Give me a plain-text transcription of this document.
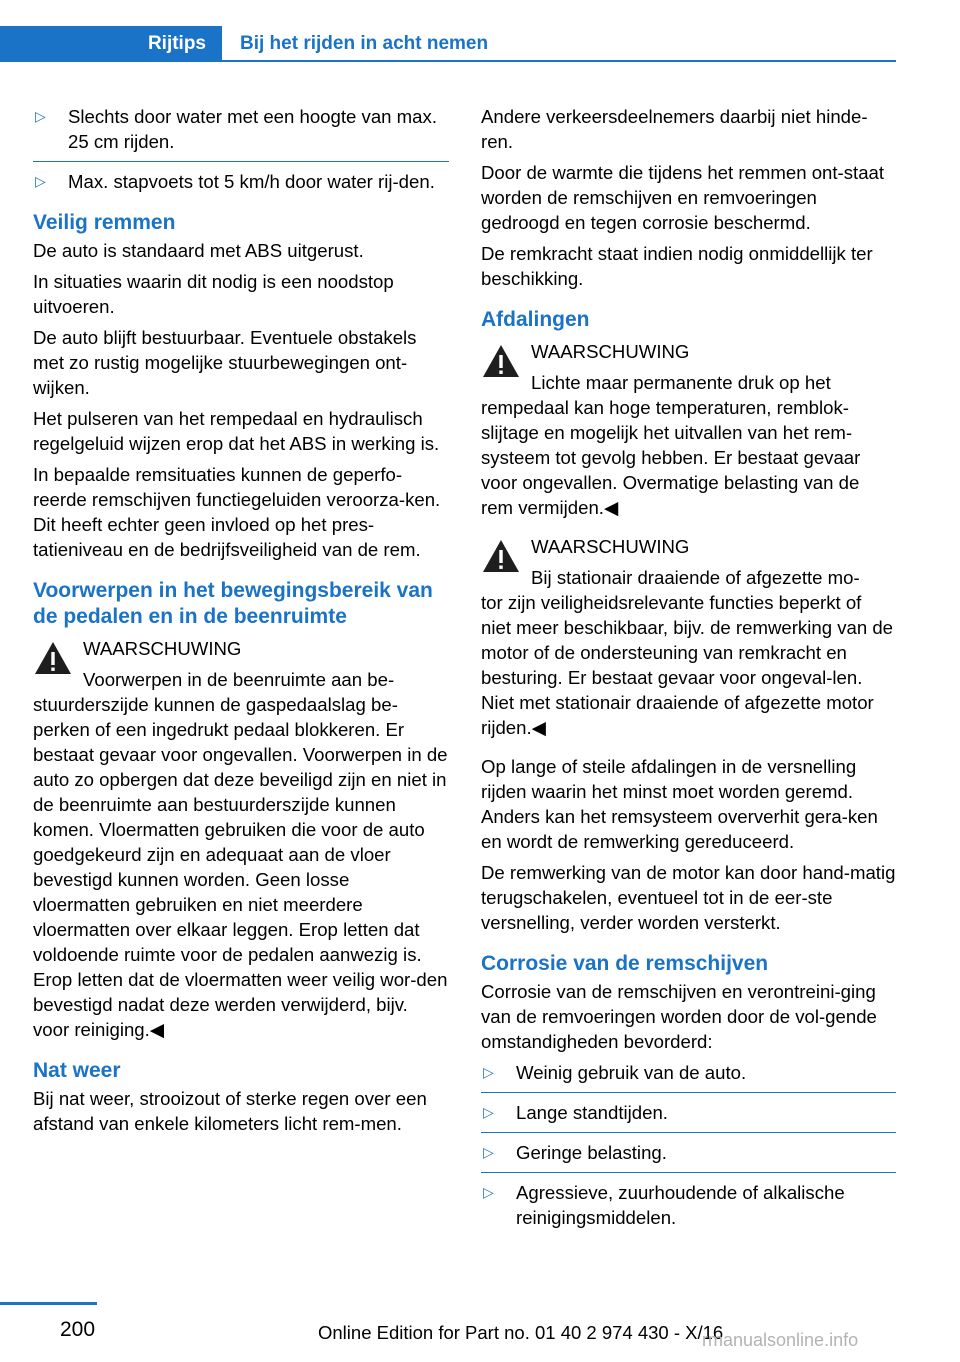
Rijtips	Bij het rijden in acht nemen
▷	Slechts door water met een hoogte van max. 25 cm rijden.
▷	Max. stapvoets tot 5 km/h door water rij‐den.
Veilig remmen

De auto is standaard met ABS uitgerust.

In situaties waarin dit nodig is een noodstop uitvoeren.

De auto blijft bestuurbaar. Eventuele obstakels met zo rustig mogelijke stuurbewegingen ont‐wijken.

Het pulseren van het rempedaal en hydraulisch regelgeluid wijzen erop dat het ABS in werking is.

In bepaalde remsituaties kunnen de geperfo‐reerde remschijven functiegeluiden veroorza‐ken. Dit heeft echter geen invloed op het pres‐tatieniveau en de bedrijfsveiligheid van de rem.

Voorwerpen in het bewegingsbereik van de pedalen en in de beenruimte
WAARSCHUWING
Voorwerpen in de beenruimte aan be‐
stuurderszijde kunnen de gaspedaalslag be‐perken of een ingedrukt pedaal blokkeren. Er bestaat gevaar voor ongevallen. Voorwerpen in de auto zo opbergen dat deze beveiligd zijn en niet in de beenruimte aan bestuurderszijde kunnen komen. Vloermatten gebruiken die voor de auto goedgekeurd zijn en adequaat aan de vloer bevestigd kunnen worden. Geen losse vloermatten gebruiken en niet meerdere vloermatten over elkaar leggen. Erop letten dat voldoende ruimte voor de pedalen aanwezig is. Erop letten dat de vloermatten weer veilig wor‐den bevestigd nadat deze werden verwijderd, bijv. voor reiniging.◀
Nat weer

Bij nat weer, strooizout of sterke regen over een afstand van enkele kilometers licht rem‐men.

Andere verkeersdeelnemers daarbij niet hinde‐ren.

Door de warmte die tijdens het remmen ont‐staat worden de remschijven en remvoeringen gedroogd en tegen corrosie beschermd.

De remkracht staat indien nodig onmiddellijk ter beschikking.

Afdalingen
WAARSCHUWING
Lichte maar permanente druk op het
rempedaal kan hoge temperaturen, remblok‐slijtage en mogelijk het uitvallen van het rem‐systeem tot gevolg hebben. Er bestaat gevaar voor ongevallen. Overmatige belasting van de rem vermijden.◀
WAARSCHUWING
Bij stationair draaiende of afgezette mo‐
tor zijn veiligheidsrelevante functies beperkt of niet meer beschikbaar, bijv. de remwerking van de motor of de ondersteuning van remkracht en besturing. Er bestaat gevaar voor ongeval‐len. Niet met stationair draaiende of afgezette motor rijden.◀

Op lange of steile afdalingen in de versnelling rijden waarin het minst moet worden geremd. Anders kan het remsysteem oververhit gera‐ken en wordt de remwerking gereduceerd.

De remwerking van de motor kan door hand‐matig terugschakelen, eventueel tot in de eer‐ste versnelling, verder worden versterkt.

Corrosie van de remschijven

Corrosie van de remschijven en verontreini‐ging van de remvoeringen worden door de vol‐gende omstandigheden bevorderd:

▷	Weinig gebruik van de auto.
▷	Lange standtijden.
▷	Geringe belasting.
▷	Agressieve, zuurhoudende of alkalische reinigingsmiddelen.
200	Online Edition for Part no. 01 40 2 974 430 - X/16
rmanualsonline.info
